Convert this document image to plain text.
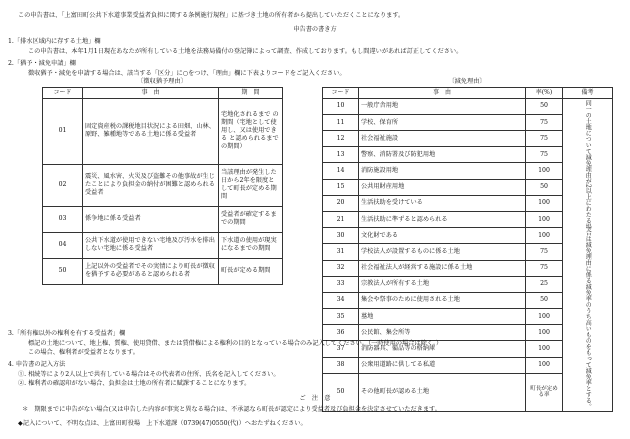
この申告書は、「上富田町公共下水道事業受益者負担に関する条例施行規程」に基づき土地の所有者から提出していただくことになります。
申告書の書き方
1.「排水区域内に存する土地」欄
この申告書は、本年1月1日現在あなたが所有している土地を法務局備付の登記簿によって調査、作成しております。もし間違いがあれば訂正してください。
2.「猶予・減免申請」欄
徴収猶予・減免を申請する場合は、該当する「区分」に○をつけ、「理由」欄に下表よりコードをご記入ください。
〔徴収猶予理由〕
コード	事　由	期　間
01	固定資産税の課税地目状況による田畑、山林、原野、雑種地等である土地に係る受益者	宅地化されるまで の期間（宅地として使用し、又は使用できる と認められるまでの期間）
02	震災、風水害、火災及び盗難その他事故が生じたことにより負担金の納付が困難と認められる受益者	当該理由が発生した日から2年を限度として町長が定める期間
03	係争地に係る受益者	受益者が確定するまでの期間
04	公共下水道が使用できない宅地及び汚水を排出しない宅地に係る受益者	下水道の使用が現実になるまでの期間
50	上記以外の受益者でその実情により町長が徴収を猶予する必要があると認められる者	町長が定める期間
〔減免理由〕
コード	事　由	率(%)	備考
10	一般庁舎用地	50	同一の土地について減免理由が2以上にわたる場合は減免理由に係る減免率のうち高いものをもって減免率とする。
11	学校、保育所	75	
12	社会福祉施設	75	
13	警察、消防署及び防犯用地	75	
14	消防施設用地	100	
15	公共用財産用地	50	
20	生活扶助を受けている	100	
21	生活扶助に準ずると認められる	100	
30	文化財である	100	
31	学校法人が設置するものに係る土地	75	
32	社会福祉法人が経営する施設に係る土地	75	
33	宗教法人が所有する土地	25	
34	集会や祭事のために使用される土地	50	
35	墓地	100	
36	公民館、集会所等	100	
37	消防器具、備品等の格納庫	100	
38	公衆用道路に供してる私道	100	
50	その他町長が認める土地	町長が定める率	
3.「所有権以外の権利を有する受益者」欄
標記の土地について、地上権、質権、使用貸借、または賃借権による権利の目的となっている場合のみ記入してください。（一時使用の場合は除く。）
この場合、権利者が受益者となります。
4. 申告書の記入方法
①. 相続等により2人以上で共有している場合はその代表者の住所、氏名を記入してください。
②. 権利者の確認印がない場合、負担金は土地の所有者に賦課することになります。
ご　注　意
＊　期限までに申告がない場合(又は申告した内容が事実と異なる場合)は、不承認なら町長が認定により受益者及び負担金を決定させていただきます。
◆記入について、不明な点は、上富田町役場　上下水道課（0739(47)0550(代)）へおたずねください。
